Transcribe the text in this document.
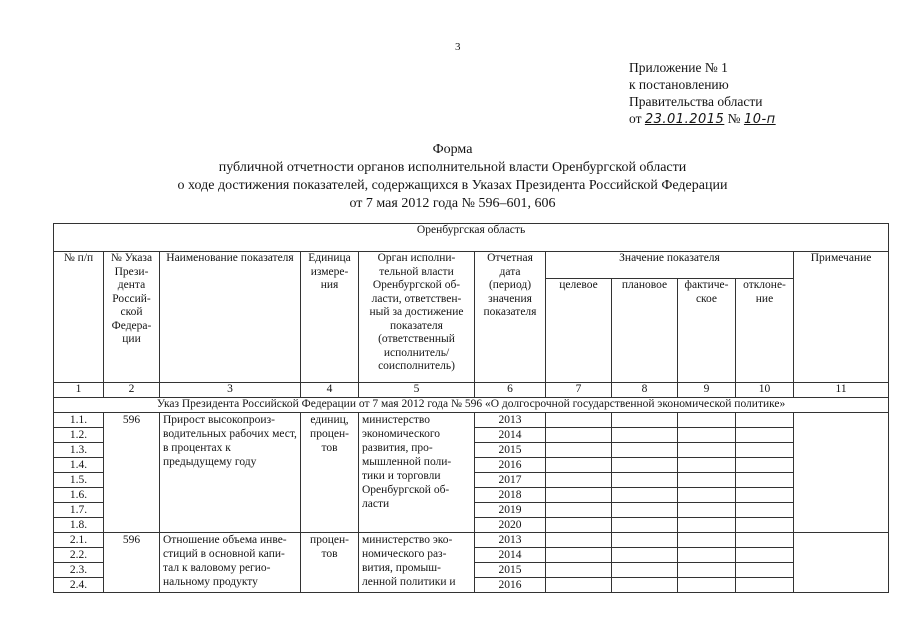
3
Приложение № 1
к постановлению
Правительства области
от 23.01.2015 № 10-п
Форма
публичной отчетности органов исполнительной власти Оренбургской области
о ходе достижения показателей, содержащихся в Указах Президента Российской Федерации
от 7 мая 2012 года № 596–601, 606
Оренбургская область										
№ п/п	№ Указа Прези-дента Россий-ской Федера-ции	Наименование показателя	Единица измере-ния	Орган исполни-тельной власти Оренбургской об-ласти, ответствен-ный за достижение показателя (ответственный исполнитель/ соисполнитель)	Отчетная дата (период) значения показателя	Значение показателя				Примечание
						целевое	плановое	фактиче-ское	отклоне-ние	
1	2	3	4	5	6	7	8	9	10	11
Указ Президента Российской Федерации от 7 мая 2012 года № 596 «О долгосрочной государственной экономической политике»										
1.1.	596	Прирост высокопроиз-водительных рабочих мест, в процентах к предыдущему году	единиц, процен-тов	министерство экономического развития, про-мышленной поли-тики и торговли Оренбургской об-ласти	2013					
1.2.					2014					
1.3.					2015					
1.4.					2016					
1.5.					2017					
1.6.					2018					
1.7.					2019					
1.8.					2020					
2.1.	596	Отношение объема инве-стиций в основной капи-тал к валовому регио-нальному продукту	процен-тов	министерство эко-номического раз-вития, промыш-ленной политики и	2013					
2.2.					2014					
2.3.					2015					
2.4.					2016					
